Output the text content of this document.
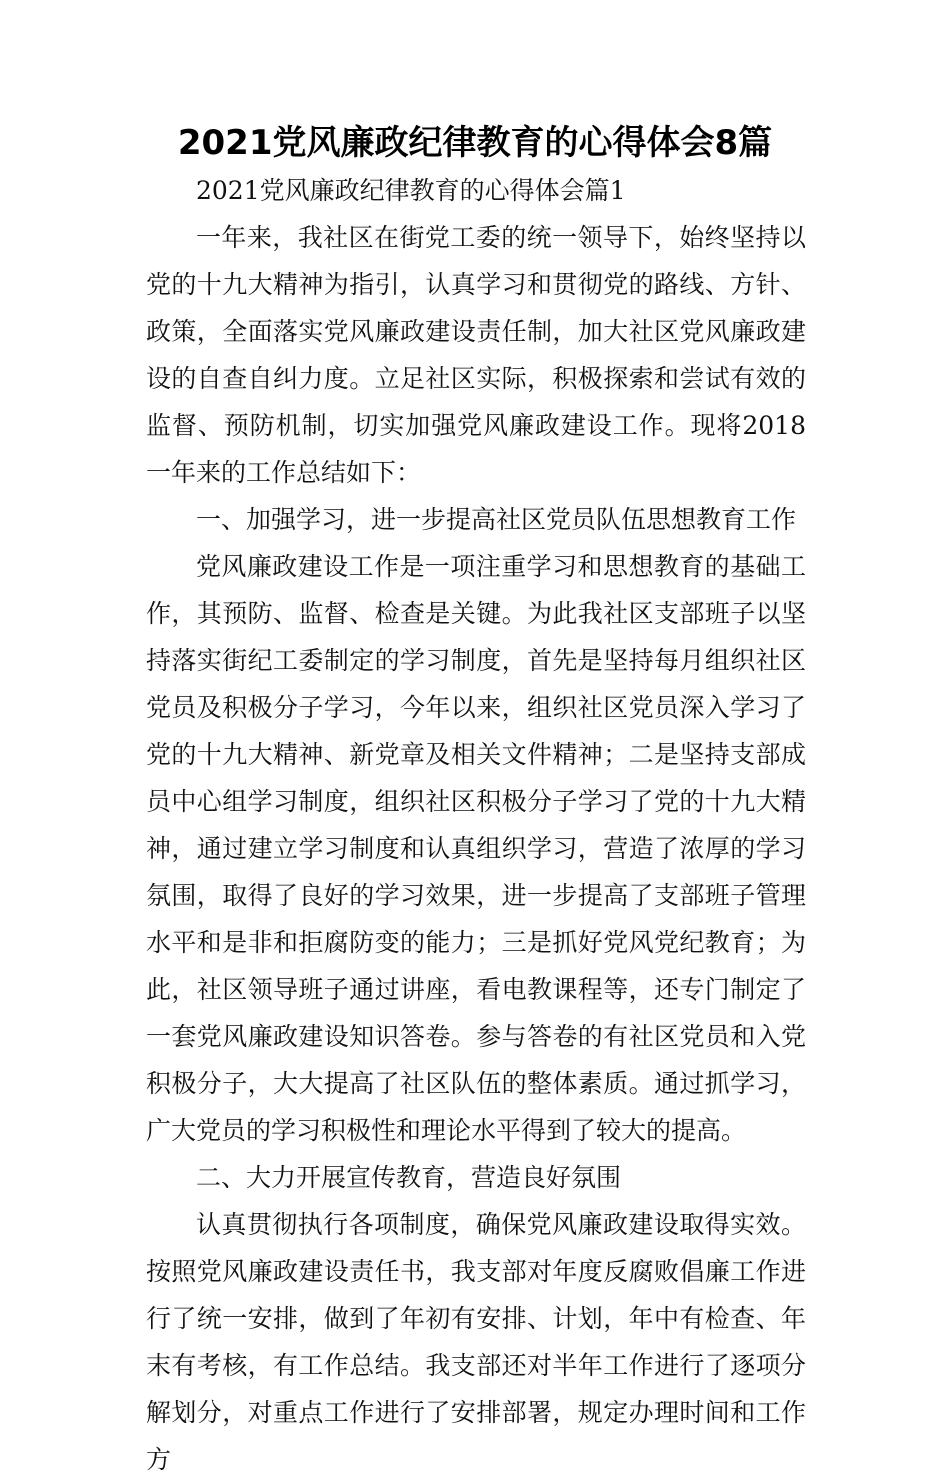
2021党风廉政纪律教育的心得体会8篇

2021党风廉政纪律教育的心得体会篇1

一年来，我社区在街党工委的统一领导下，始终坚持以党的十九大精神为指引，认真学习和贯彻党的路线、方针、政策，全面落实党风廉政建设责任制，加大社区党风廉政建设的自查自纠力度。立足社区实际，积极探索和尝试有效的监督、预防机制，切实加强党风廉政建设工作。现将2018一年来的工作总结如下：

一、加强学习，进一步提高社区党员队伍思想教育工作

党风廉政建设工作是一项注重学习和思想教育的基础工作，其预防、监督、检查是关键。为此我社区支部班子以坚持落实街纪工委制定的学习制度，首先是坚持每月组织社区党员及积极分子学习，今年以来，组织社区党员深入学习了党的十九大精神、新党章及相关文件精神；二是坚持支部成员中心组学习制度，组织社区积极分子学习了党的十九大精神，通过建立学习制度和认真组织学习，营造了浓厚的学习氛围，取得了良好的学习效果，进一步提高了支部班子管理水平和是非和拒腐防变的能力；三是抓好党风党纪教育；为此，社区领导班子通过讲座，看电教课程等，还专门制定了一套党风廉政建设知识答卷。参与答卷的有社区党员和入党积极分子，大大提高了社区队伍的整体素质。通过抓学习，广大党员的学习积极性和理论水平得到了较大的提高。

二、大力开展宣传教育，营造良好氛围

认真贯彻执行各项制度，确保党风廉政建设取得实效。按照党风廉政建设责任书，我支部对年度反腐败倡廉工作进行了统一安排，做到了年初有安排、计划，年中有检查、年末有考核，有工作总结。我支部还对半年工作进行了逐项分解划分，对重点工作进行了安排部署，规定办理时间和工作方
